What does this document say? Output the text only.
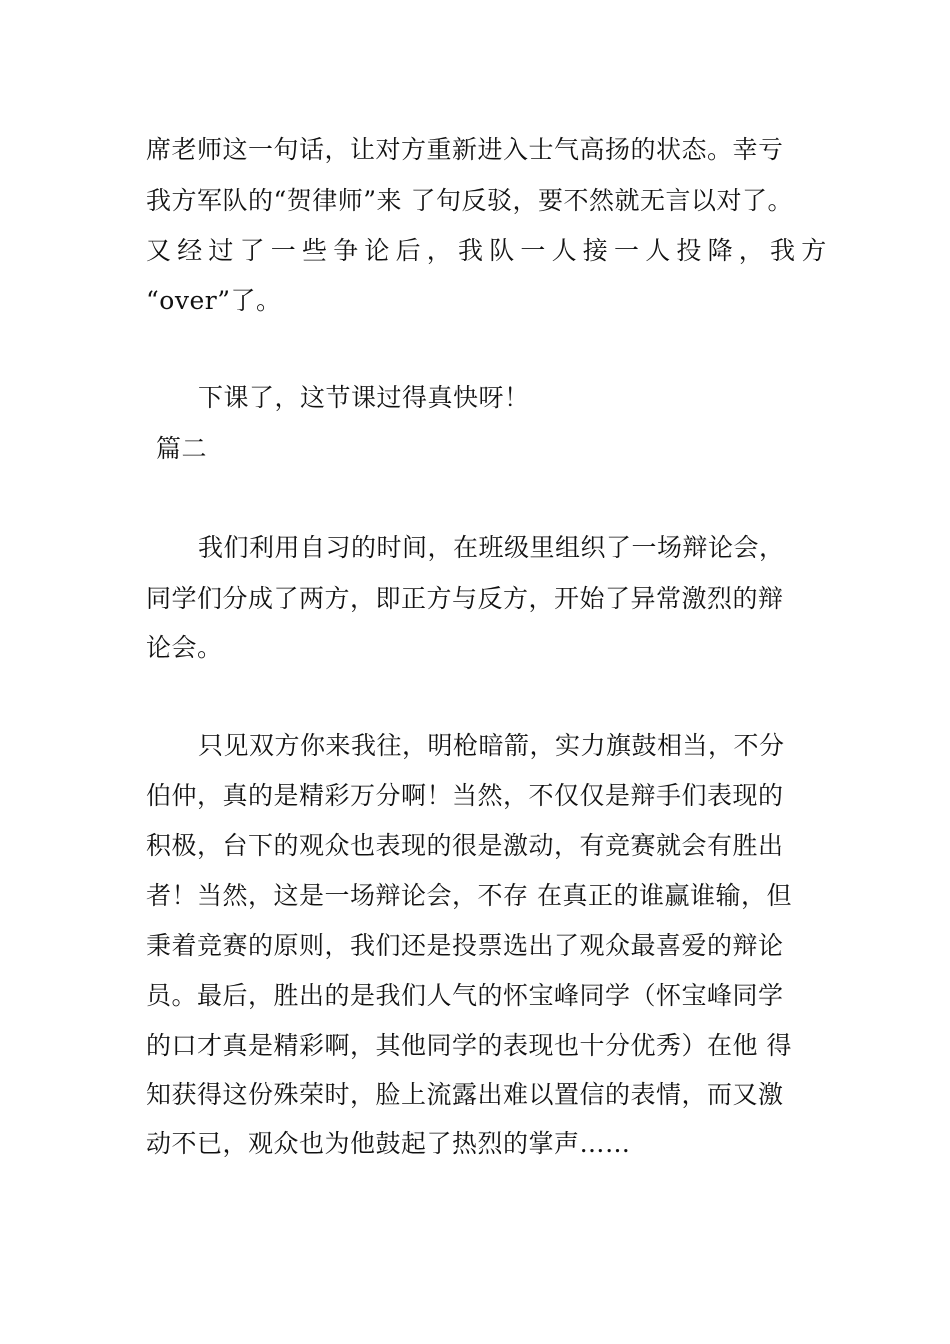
席老师这一句话，让对方重新进入士气高扬的状态。幸亏
我方军队的“贺律师”来 了句反驳，要不然就无言以对了。
又经过了一些争论后，我队一人接一人投降，我方
“over”了。
下课了，这节课过得真快呀！
篇二
我们利用自习的时间，在班级里组织了一场辩论会，
同学们分成了两方，即正方与反方，开始了异常激烈的辩
论会。
只见双方你来我往，明枪暗箭，实力旗鼓相当，不分
伯仲，真的是精彩万分啊！当然，不仅仅是辩手们表现的
积极，台下的观众也表现的很是激动，有竞赛就会有胜出
者！当然，这是一场辩论会，不存 在真正的谁赢谁输，但
秉着竞赛的原则，我们还是投票选出了观众最喜爱的辩论
员。最后，胜出的是我们人气的怀宝峰同学（怀宝峰同学
的口才真是精彩啊，其他同学的表现也十分优秀）在他 得
知获得这份殊荣时，脸上流露出难以置信的表情，而又激
动不已，观众也为他鼓起了热烈的掌声……
